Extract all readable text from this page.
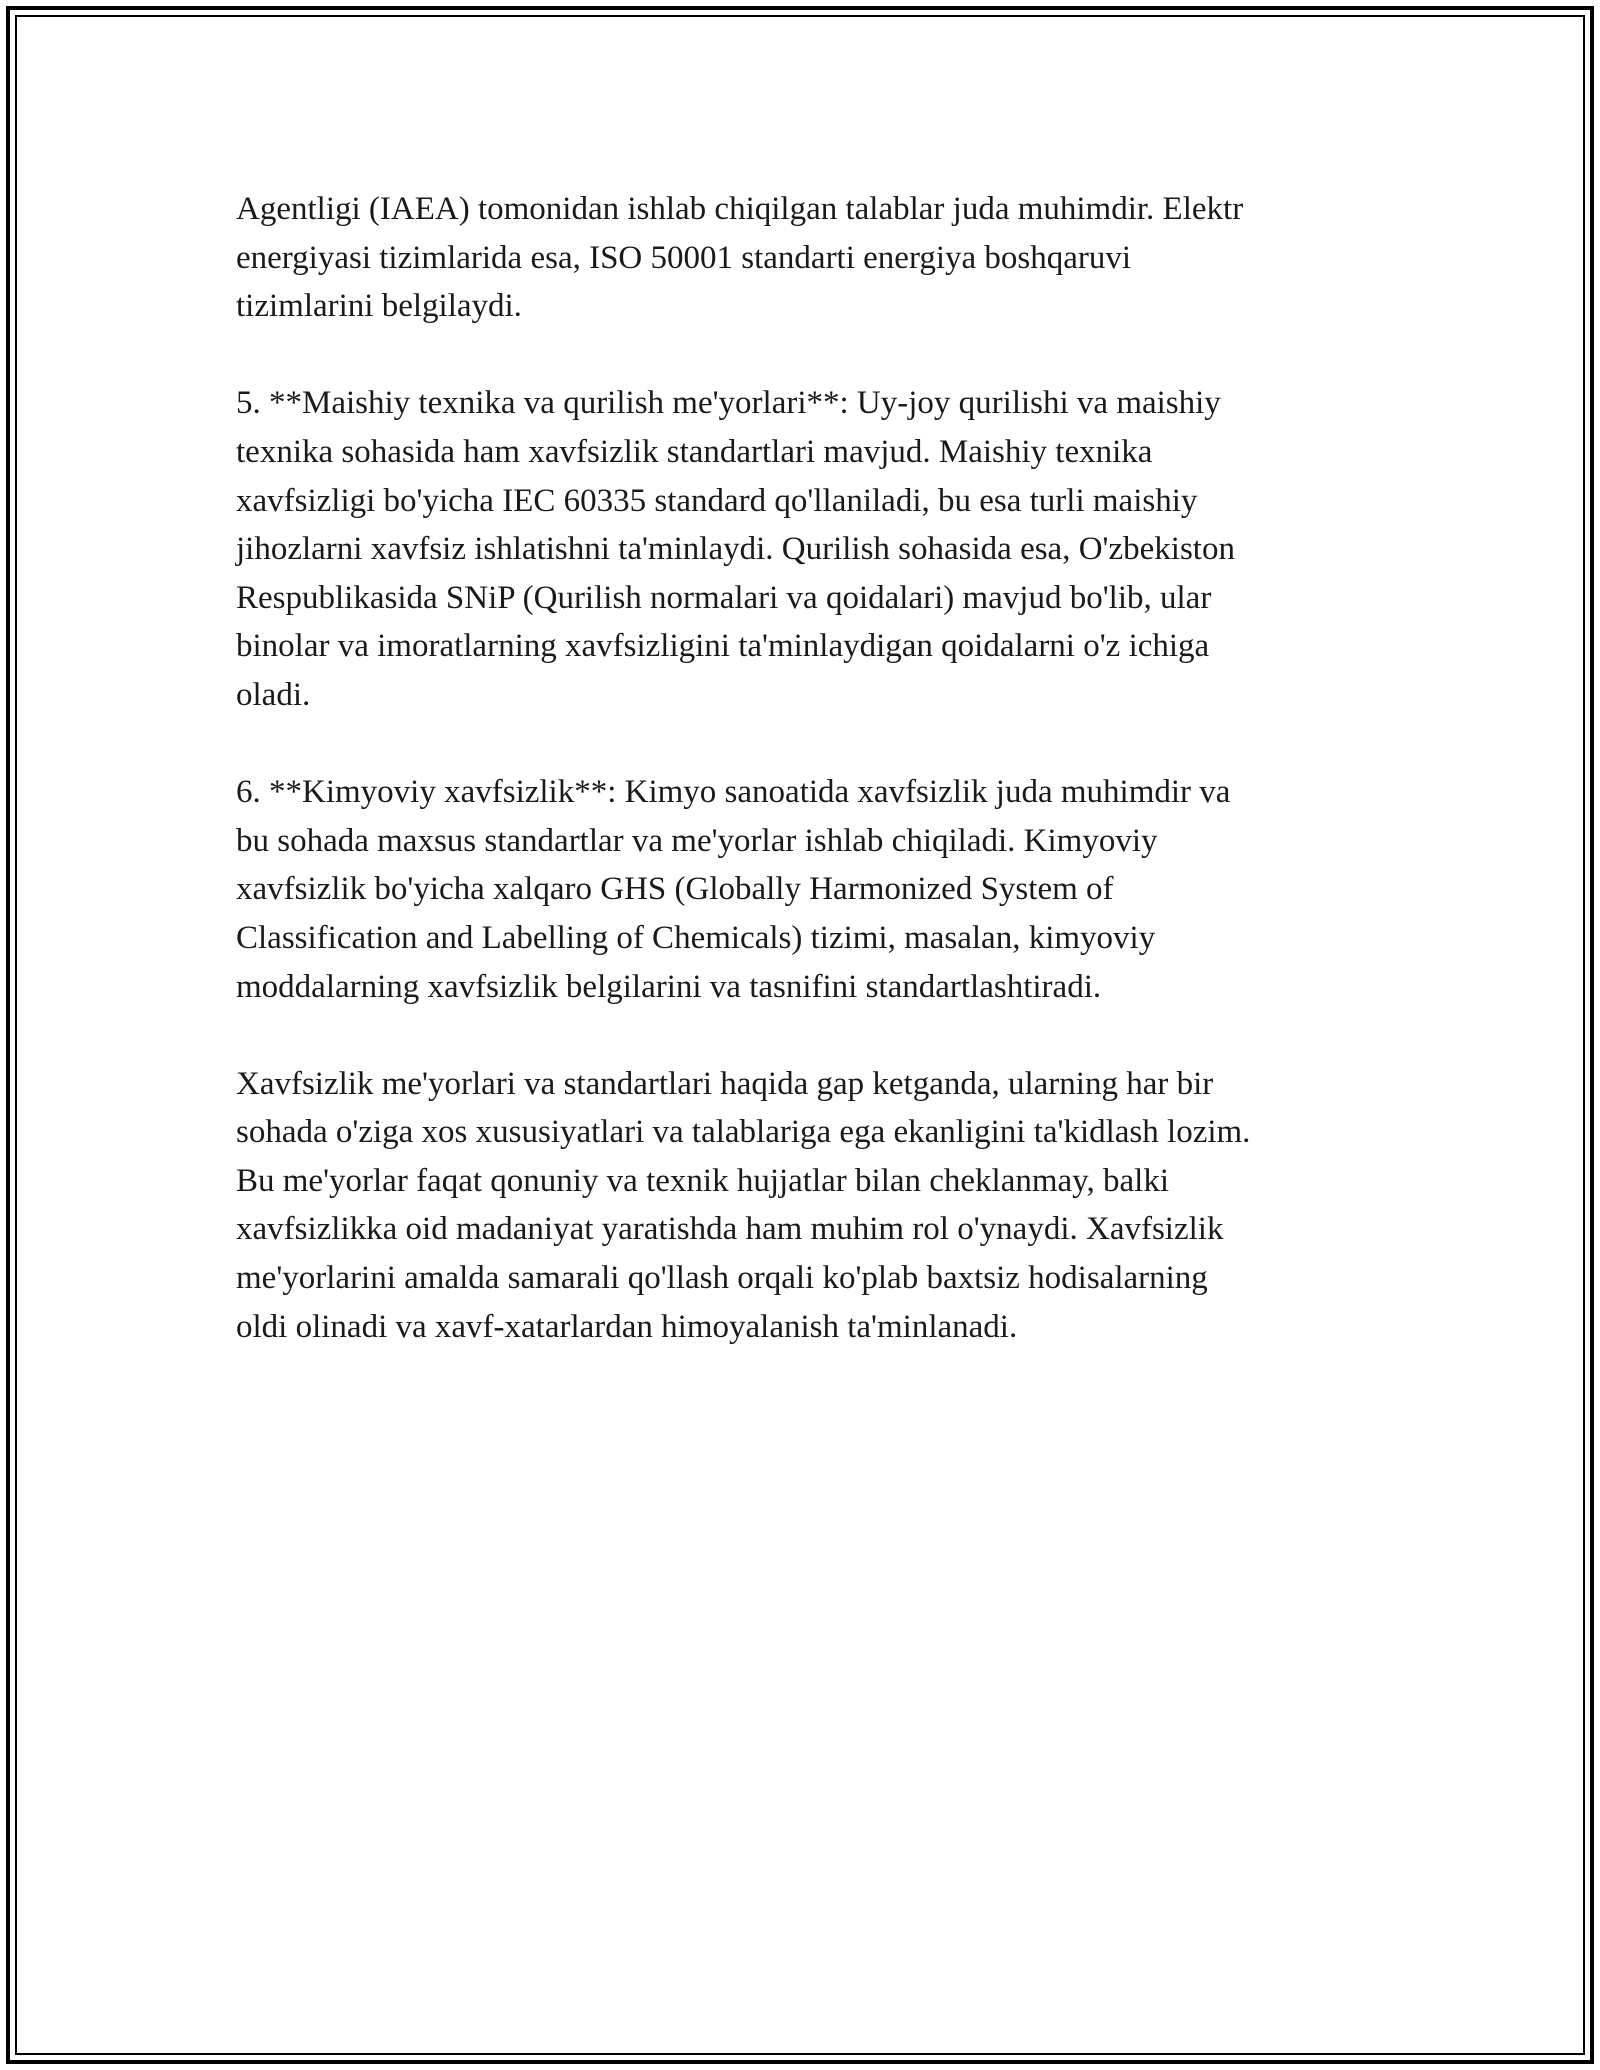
Agentligi (IAEA) tomonidan ishlab chiqilgan talablar juda muhimdir. Elektr
energiyasi tizimlarida esa, ISO 50001 standarti energiya boshqaruvi
tizimlarini belgilaydi.

5. **Maishiy texnika va qurilish me'yorlari**: Uy-joy qurilishi va maishiy
texnika sohasida ham xavfsizlik standartlari mavjud. Maishiy texnika
xavfsizligi bo'yicha IEC 60335 standard qo'llaniladi, bu esa turli maishiy
jihozlarni xavfsiz ishlatishni ta'minlaydi. Qurilish sohasida esa, O'zbekiston
Respublikasida SNiP (Qurilish normalari va qoidalari) mavjud bo'lib, ular
binolar va imoratlarning xavfsizligini ta'minlaydigan qoidalarni o'z ichiga
oladi.

6. **Kimyoviy xavfsizlik**: Kimyo sanoatida xavfsizlik juda muhimdir va
bu sohada maxsus standartlar va me'yorlar ishlab chiqiladi. Kimyoviy
xavfsizlik bo'yicha xalqaro GHS (Globally Harmonized System of
Classification and Labelling of Chemicals) tizimi, masalan, kimyoviy
moddalarning xavfsizlik belgilarini va tasnifini standartlashtiradi.

Xavfsizlik me'yorlari va standartlari haqida gap ketganda, ularning har bir
sohada o'ziga xos xususiyatlari va talablariga ega ekanligini ta'kidlash lozim.
Bu me'yorlar faqat qonuniy va texnik hujjatlar bilan cheklanmay, balki
xavfsizlikka oid madaniyat yaratishda ham muhim rol o'ynaydi. Xavfsizlik
me'yorlarini amalda samarali qo'llash orqali ko'plab baxtsiz hodisalarning
oldi olinadi va xavf-xatarlardan himoyalanish ta'minlanadi.
